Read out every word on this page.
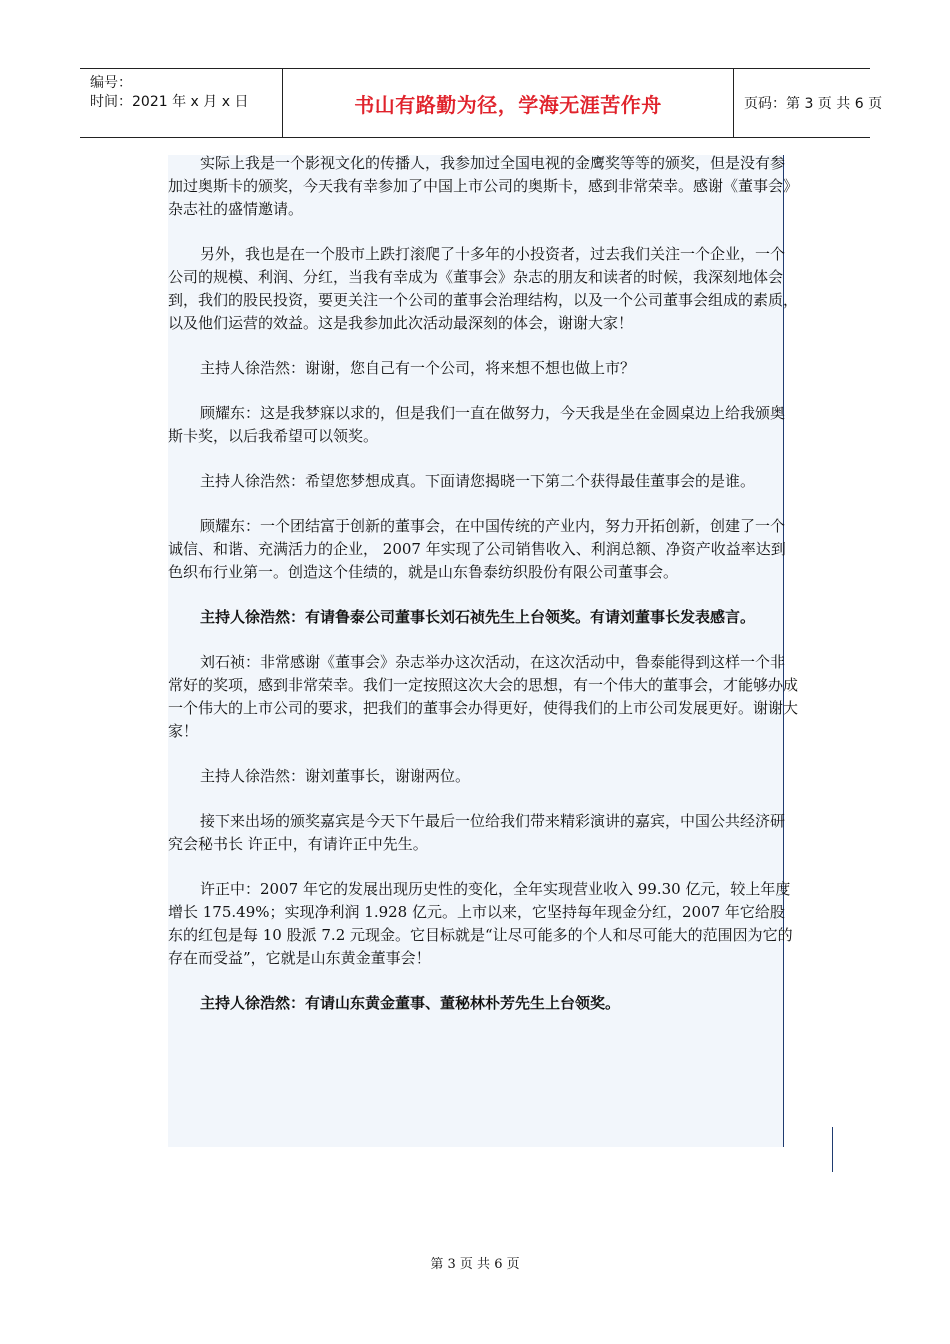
编号：
时间：2021 年 x 月 x 日	书山有路勤为径，学海无涯苦作舟	页码：第 3 页 共 6 页

实际上我是一个影视文化的传播人，我参加过全国电视的金鹰奖等等的颁奖，但是没有参加过奥斯卡的颁奖，今天我有幸参加了中国上市公司的奥斯卡，感到非常荣幸。感谢《董事会》杂志社的盛情邀请。

另外，我也是在一个股市上跌打滚爬了十多年的小投资者，过去我们关注一个企业，一个公司的规模、利润、分红，当我有幸成为《董事会》杂志的朋友和读者的时候，我深刻地体会到，我们的股民投资，要更关注一个公司的董事会治理结构，以及一个公司董事会组成的素质，以及他们运营的效益。这是我参加此次活动最深刻的体会，谢谢大家！

主持人徐浩然：谢谢，您自己有一个公司，将来想不想也做上市？

顾耀东：这是我梦寐以求的，但是我们一直在做努力，今天我是坐在金圆桌边上给我颁奥斯卡奖，以后我希望可以领奖。

主持人徐浩然：希望您梦想成真。下面请您揭晓一下第二个获得最佳董事会的是谁。

顾耀东：一个团结富于创新的董事会，在中国传统的产业内，努力开拓创新，创建了一个诚信、和谐、充满活力的企业， 2007 年实现了公司销售收入、利润总额、净资产收益率达到色织布行业第一。创造这个佳绩的，就是山东鲁泰纺织股份有限公司董事会。

主持人徐浩然：有请鲁泰公司董事长刘石祯先生上台领奖。有请刘董事长发表感言。

刘石祯：非常感谢《董事会》杂志举办这次活动，在这次活动中，鲁泰能得到这样一个非常好的奖项，感到非常荣幸。我们一定按照这次大会的思想，有一个伟大的董事会，才能够办成一个伟大的上市公司的要求，把我们的董事会办得更好，使得我们的上市公司发展更好。谢谢大家！

主持人徐浩然：谢刘董事长，谢谢两位。

接下来出场的颁奖嘉宾是今天下午最后一位给我们带来精彩演讲的嘉宾，中国公共经济研究会秘书长 许正中，有请许正中先生。

许正中：2007 年它的发展出现历史性的变化，全年实现营业收入 99.30 亿元，较上年度增长 175.49%；实现净利润 1.928 亿元。上市以来，它坚持每年现金分红，2007 年它给股东的红包是每 10 股派 7.2 元现金。它目标就是“让尽可能多的个人和尽可能大的范围因为它的存在而受益”，它就是山东黄金董事会！

主持人徐浩然：有请山东黄金董事、董秘林朴芳先生上台领奖。

第 3 页 共 6 页
